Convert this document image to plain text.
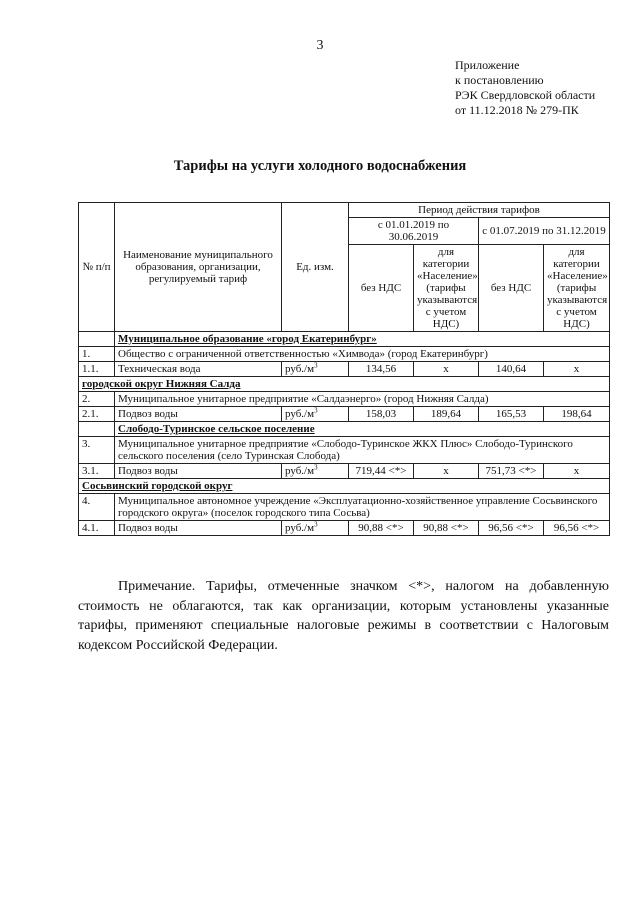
3
Приложение
к постановлению
РЭК Свердловской области
от 11.12.2018 № 279-ПК
Тарифы на услуги холодного водоснабжения
№ п/п	Наименование муниципального образования, организации, регулируемый тариф	Ед. изм.	Период действия тарифов			
			с 01.01.2019 по 30.06.2019		с 01.07.2019 по 31.12.2019	
			без НДС	для категории «Население» (тарифы указываются с учетом НДС)	без НДС	для категории «Население» (тарифы указываются с учетом НДС)
	Муниципальное образование «город Екатеринбург»					
1.	Общество с ограниченной ответственностью «Химвода» (город Екатеринбург)					
1.1.	Техническая вода	$руб./м^3$	134,56	х	140,64	х
городской округ Нижняя Салда						
2.	Муниципальное унитарное предприятие «Салдаэнерго» (город Нижняя Салда)					
2.1.	Подвоз воды	$руб./м^3$	158,03	189,64	165,53	198,64
	Слободо-Туринское сельское поселение					
3.	Муниципальное унитарное предприятие «Слободо-Туринское ЖКХ Плюс» Слободо-Туринского сельского поселения (село Туринская Слобода)					
3.1.	Подвоз воды	$руб./м^3$	719,44 <*>	х	751,73 <*>	х
Сосьвинский городской округ						
4.	Муниципальное автономное учреждение «Эксплуатационно-хозяйственное управление Сосьвинского городского округа» (поселок городского типа Сосьва)					
4.1.	Подвоз воды	$руб./м^3$	90,88 <*>	90,88 <*>	96,56 <*>	96,56 <*>
Примечание. Тарифы, отмеченные значком <*>, налогом на добавленную стоимость не облагаются, так как организации, которым установлены указанные тарифы, применяют специальные налоговые режимы в соответствии с Налоговым кодексом Российской Федерации.
